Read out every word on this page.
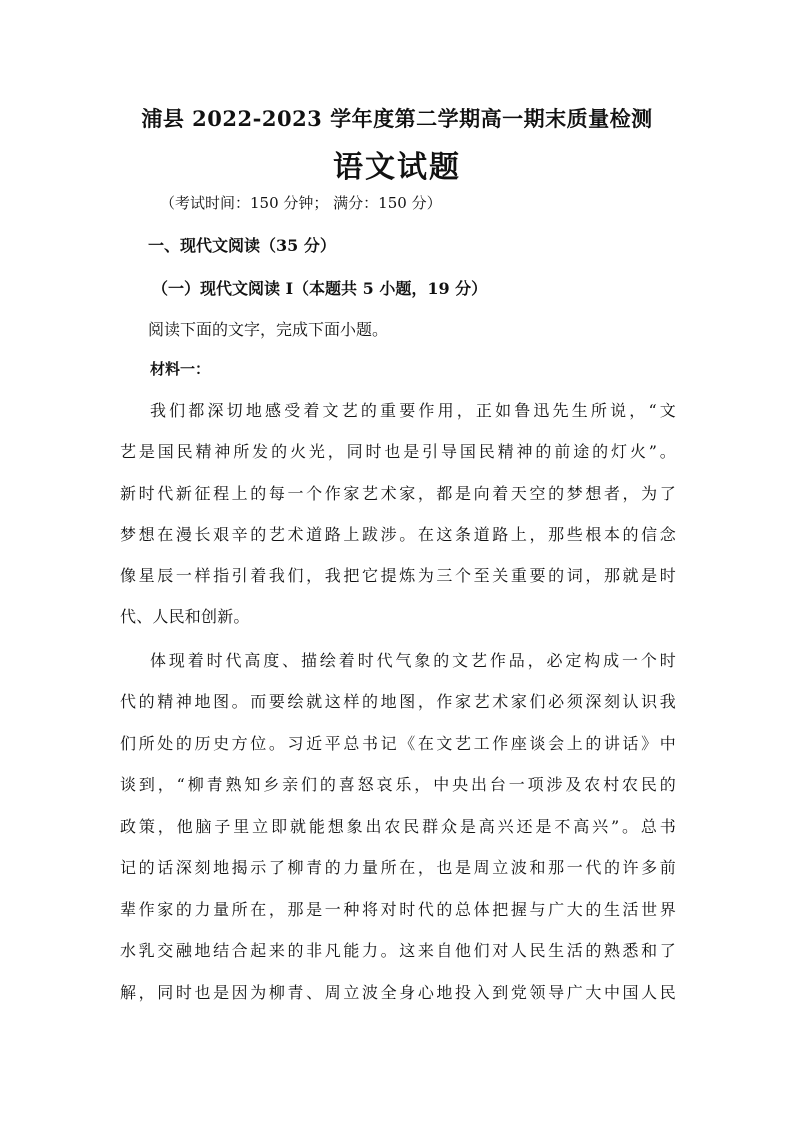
浦县 2022-2023 学年度第二学期高一期末质量检测
语文试题
（考试时间：150 分钟； 满分：150 分）
一、现代文阅读（35 分）
（一）现代文阅读 I（本题共 5 小题，19 分）
阅读下面的文字，完成下面小题。
材料一：
我们都深切地感受着文艺的重要作用，正如鲁迅先生所说，“文
艺是国民精神所发的火光，同时也是引导国民精神的前途的灯火”。
新时代新征程上的每一个作家艺术家，都是向着天空的梦想者，为了
梦想在漫长艰辛的艺术道路上跋涉。在这条道路上，那些根本的信念
像星辰一样指引着我们，我把它提炼为三个至关重要的词，那就是时
代、人民和创新。
体现着时代高度、描绘着时代气象的文艺作品，必定构成一个时
代的精神地图。而要绘就这样的地图，作家艺术家们必须深刻认识我
们所处的历史方位。习近平总书记《在文艺工作座谈会上的讲话》中
谈到，“柳青熟知乡亲们的喜怒哀乐，中央出台一项涉及农村农民的
政策，他脑子里立即就能想象出农民群众是高兴还是不高兴”。总书
记的话深刻地揭示了柳青的力量所在，也是周立波和那一代的许多前
辈作家的力量所在，那是一种将对时代的总体把握与广大的生活世界
水乳交融地结合起来的非凡能力。这来自他们对人民生活的熟悉和了
解，同时也是因为柳青、周立波全身心地投入到党领导广大中国人民
